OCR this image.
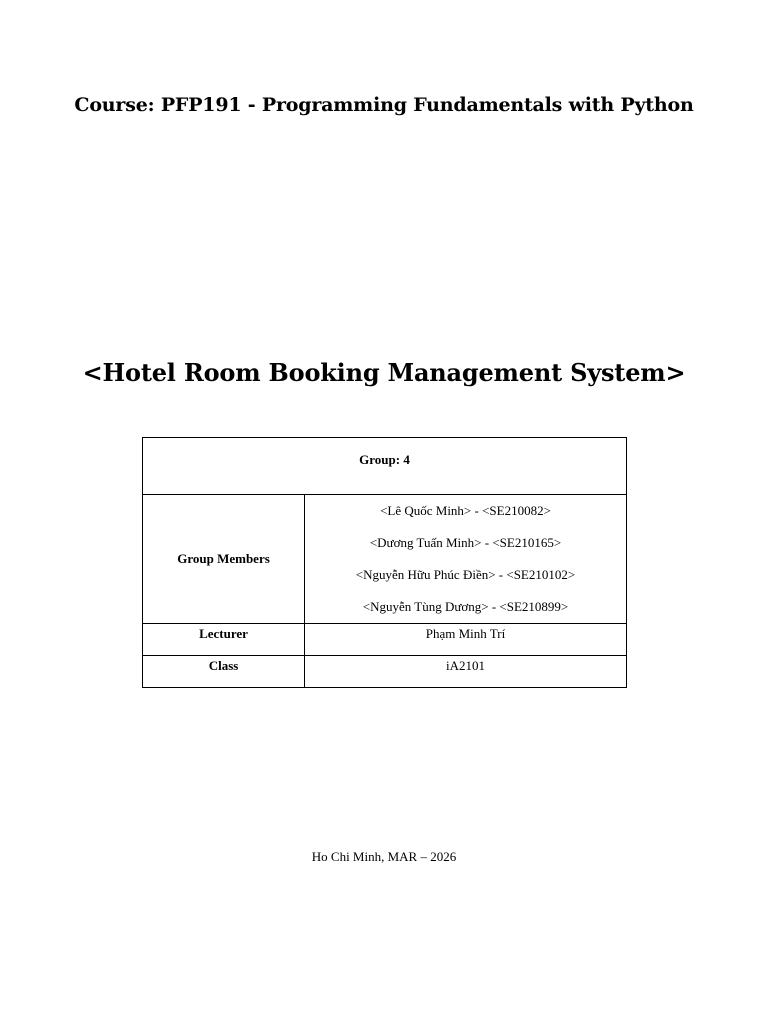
Course: PFP191 - Programming Fundamentals with Python
<Hotel Room Booking Management System>
Group: 4	
Group Members	<Lê Quốc Minh> - <SE210082>
<Dương Tuấn Minh> - <SE210165>
<Nguyễn Hữu Phúc Điền> - <SE210102>
<Nguyễn Tùng Dương> - <SE210899>

Lecturer	Phạm Minh Trí
Class	iA2101
Ho Chi Minh, MAR – 2026
